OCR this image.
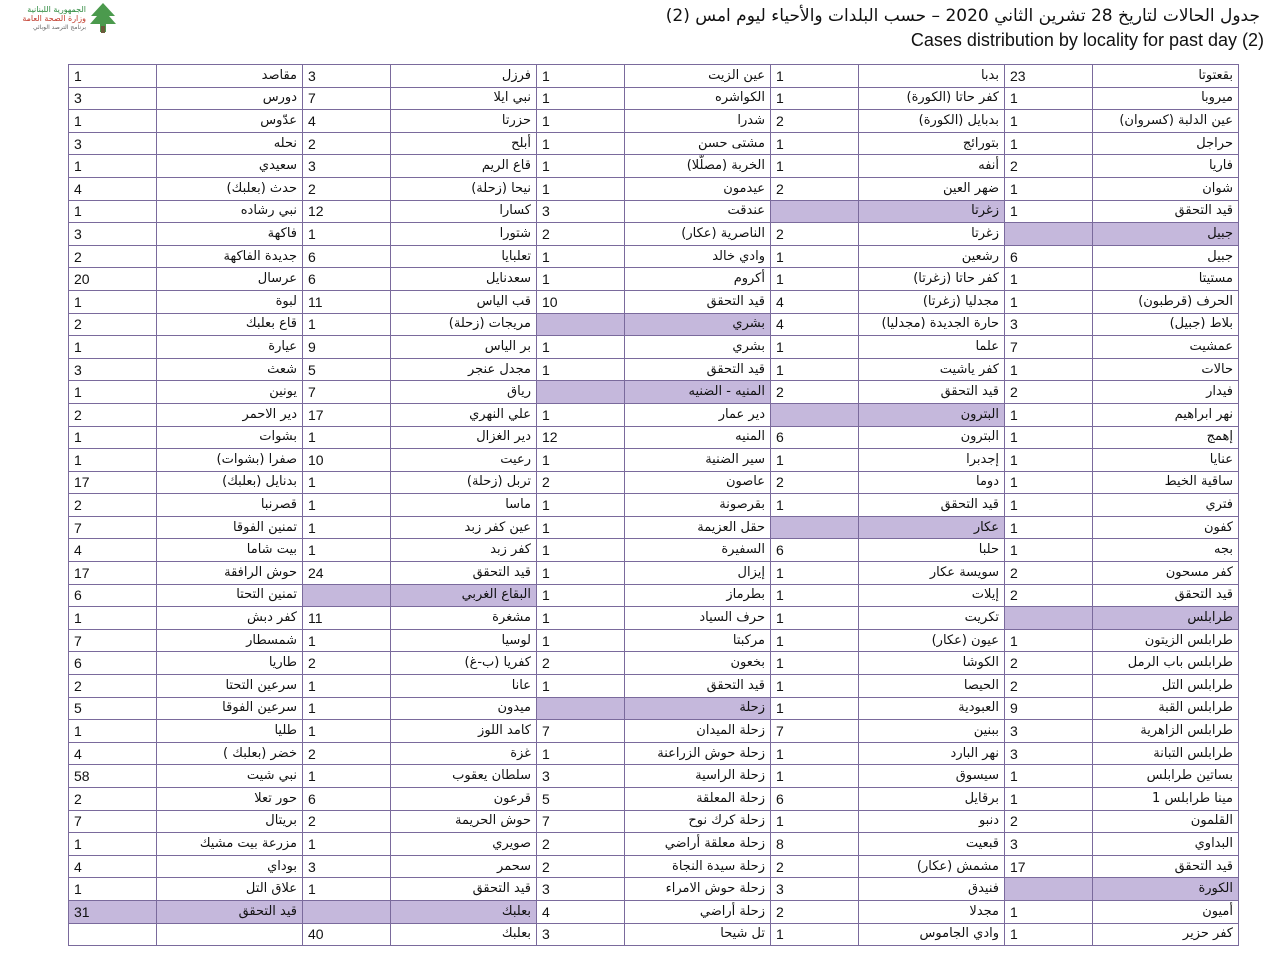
الجمهورية اللبنانية
وزارة الصحة العامة
برنامج الترصد الوبائي
جدول الحالات لتاريخ 28 تشرين الثاني 2020 – حسب البلدات والأحياء ليوم امس (2)
Cases distribution by locality for past day (2)
بقعتوتا	23	بدبا	1	عين الزيت	1	فرزل	3	مقاصد	1
ميروبا	1	كفر حاتا (الكورة)	1	الكواشره	1	نبي ايلا	7	دورس	3
عين الدلبة (كسروان)	1	بدبايل (الكورة)	2	شدرا	1	حزرتا	4	عدّوس	1
حراجل	1	بتورائج	1	مشتى حسن	1	أبلح	2	نحله	3
فاريا	2	أنفه	1	الخربة (مصلّلا)	1	قاع الريم	3	سعيدي	1
شوان	1	ضهر العين	2	عيدمون	1	نيحا (زحلة)	2	حدث (بعلبك)	4
قيد التحقق	1	زغرتا		عندقت	3	كسارا	12	نبي رشاده	1
جبيل		زغرتا	2	الناصرية (عكار)	2	شتورا	1	فاكهة	3
جبيل	6	رشعين	1	وادي خالد	1	تعلبايا	6	جديدة الفاكهة	2
مستيتا	1	كفر حاتا (زغرتا)	1	أكروم	1	سعدنايل	6	عرسال	20
الحرف (قرطبون)	1	مجدليا (زغرتا)	4	قيد التحقق	10	قب الياس	11	لبوة	1
بلاط (جبيل)	3	حارة الجديدة (مجدليا)	4	بشري		مريجات (زحلة)	1	قاع بعلبك	2
عمشيت	7	علما	1	بشري	1	بر الياس	9	عيارة	1
حالات	1	كفر ياشيت	1	قيد التحقق	1	مجدل عنجر	5	شعث	3
فيدار	2	قيد التحقق	2	المنيه - الضنيه		رياق	7	يونين	1
نهر ابراهيم	1	البترون		دير عمار	1	علي النهري	17	دير الاحمر	2
إهمج	1	البترون	6	المنيه	12	دير الغزال	1	بشوات	1
عنايا	1	إجدبرا	1	سير الضنية	1	رعيت	10	صفرا (بشوات)	1
ساقية الخيط	1	دوما	2	عاصون	2	تربل (زحلة)	1	بدنايل (بعلبك)	17
فتري	1	قيد التحقق	1	بقرصونة	1	ماسا	1	قصرنبا	2
كفون	1	عكار		حقل العزيمة	1	عين كفر زبد	1	تمنين الفوقا	7
بجه	1	حلبا	6	السفيرة	1	كفر زبد	1	بيت شاما	4
كفر مسحون	2	سويسة عكار	1	إيزال	1	قيد التحقق	24	حوش الرافقة	17
قيد التحقق	2	إيلات	1	بطرماز	1	البقاع الغربي		تمنين التحتا	6
طرابلس		تكريت	1	حرف السياد	1	مشغرة	11	كفر دبش	1
طرابلس الزيتون	1	عيون (عكار)	1	مركبتا	1	لوسيا	1	شمسطار	7
طرابلس باب الرمل	2	الكوشا	1	بخعون	2	كفريا (ب-غ)	2	طاريا	6
طرابلس التل	2	الحيصا	1	قيد التحقق	1	عانا	1	سرعين التحتا	2
طرابلس القبة	9	العبودية	1	زحلة		ميدون	1	سرعين الفوقا	5
طرابلس الزاهرية	3	ببنين	7	زحلة الميدان	7	كامد اللوز	1	طليا	1
طرابلس التبانة	3	نهر البارد	1	زحلة حوش الزراعنة	1	غزة	2	خضر (بعلبك )	4
بساتين طرابلس	1	سيسوق	1	زحلة الراسية	3	سلطان يعقوب	1	نبي شيت	58
مينا طرابلس 1	1	برقايل	6	زحلة المعلقة	5	قرعون	6	حور تعلا	2
القلمون	2	دنبو	1	زحلة كرك نوح	7	حوش الحريمة	2	بريتال	7
البداوي	3	قبعيت	8	زحلة معلقة أراضي	2	صويري	1	مزرعة بيت مشيك	1
قيد التحقق	17	مشمش (عكار)	2	زحلة سيدة النجاة	2	سحمر	3	بوداي	4
الكورة		فنيدق	3	زحلة حوش الامراء	3	قيد التحقق	1	علاق التل	1
أميون	1	مجدلا	2	زحلة أراضي	4	بعلبك		قيد التحقق	31
كفر حزير	1	وادي الجاموس	1	تل شيحا	3	بعلبك	40		
